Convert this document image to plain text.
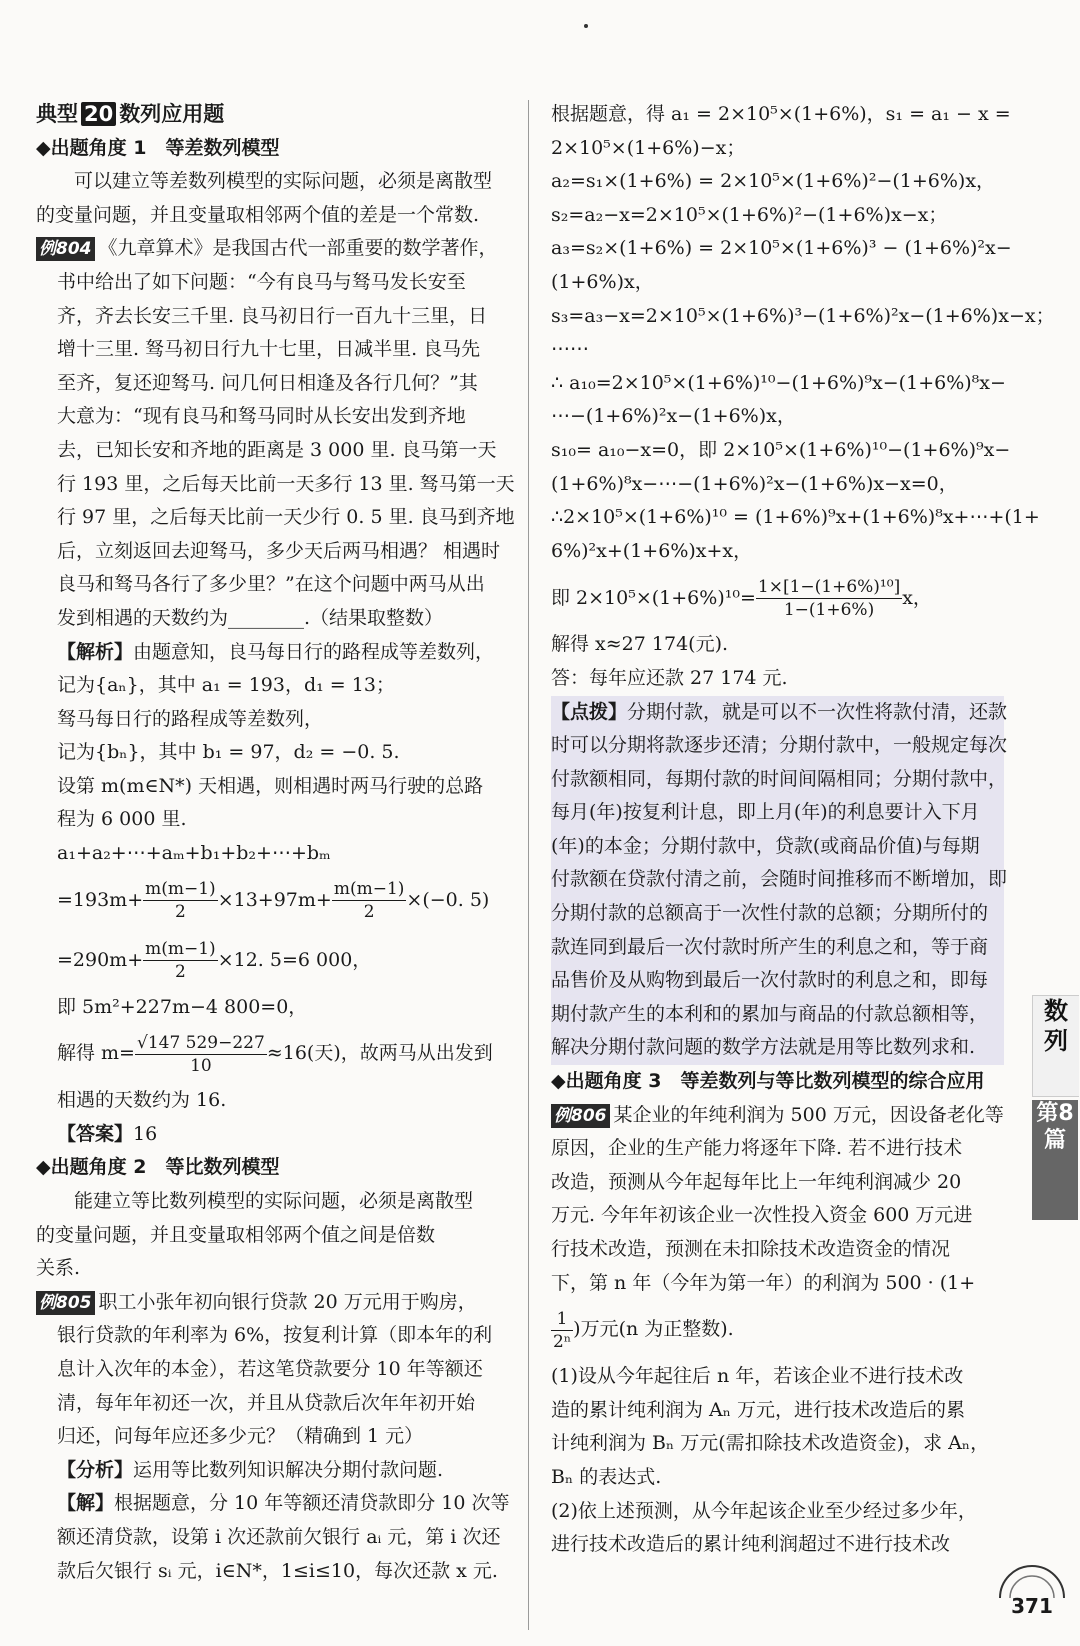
典型 20 数列应用题
◆出题角度 1　等差数列模型
可以建立等差数列模型的实际问题，必须是离散型
的变量问题，并且变量取相邻两个值的差是一个常数.
例804 《九章算术》是我国古代一部重要的数学著作，
书中给出了如下问题：“今有良马与驽马发长安至
齐，齐去长安三千里. 良马初日行一百九十三里，日
增十三里. 驽马初日行九十七里，日减半里. 良马先
至齐，复还迎驽马. 问几何日相逢及各行几何？”其
大意为：“现有良马和驽马同时从长安出发到齐地
去，已知长安和齐地的距离是 3 000 里. 良马第一天
行 193 里，之后每天比前一天多行 13 里. 驽马第一天
行 97 里，之后每天比前一天少行 0. 5 里. 良马到齐地
后，立刻返回去迎驽马，多少天后两马相遇？ 相遇时
良马和驽马各行了多少里？”在这个问题中两马从出
发到相遇的天数约为________.（结果取整数）
【解析】由题意知，良马每日行的路程成等差数列，
记为{aₙ}，其中 a₁ = 193，d₁ = 13；
驽马每日行的路程成等差数列，
记为{bₙ}，其中 b₁ = 97，d₂ = −0. 5.
设第 m(m∈N*) 天相遇，则相遇时两马行驶的总路
程为 6 000 里.
a₁+a₂+⋯+aₘ+b₁+b₂+⋯+bₘ
$=193m+ \frac{m(m-1)}{2} \times 13+97m+ \frac{m(m-1)}{2} \times(-0$. 5)
$=290m+ \frac{m(m-1)}{2} \times 12$. 5=6 000，
即 5m²+227m−4 800=0，
解得 $m= \frac{√147 529-227}{10} \approx 16$(天)，故两马从出发到
相遇的天数约为 16.
【答案】16
◆出题角度 2　等比数列模型
能建立等比数列模型的实际问题，必须是离散型
的变量问题，并且变量取相邻两个值之间是倍数
关系.
例805 职工小张年初向银行贷款 20 万元用于购房，
银行贷款的年利率为 6%，按复利计算（即本年的利
息计入次年的本金），若这笔贷款要分 10 年等额还
清，每年年初还一次，并且从贷款后次年年初开始
归还，问每年应还多少元？（精确到 1 元）
【分析】运用等比数列知识解决分期付款问题.
【解】根据题意，分 10 年等额还清贷款即分 10 次等
额还清贷款，设第 i 次还款前欠银行 aᵢ 元，第 i 次还
款后欠银行 sᵢ 元，i∈N*，1≤i≤10，每次还款 x 元.
根据题意，得 a₁ = 2×10⁵×(1+6%)，s₁ = a₁ − x =
2×10⁵×(1+6%)−x；
a₂=s₁×(1+6%) = 2×10⁵×(1+6%)²−(1+6%)x，
s₂=a₂−x=2×10⁵×(1+6%)²−(1+6%)x−x；
a₃=s₂×(1+6%) = 2×10⁵×(1+6%)³ − (1+6%)²x−
(1+6%)x，
s₃=a₃−x=2×10⁵×(1+6%)³−(1+6%)²x−(1+6%)x−x；
⋯⋯
∴ a₁₀=2×10⁵×(1+6%)¹⁰−(1+6%)⁹x−(1+6%)⁸x−
⋯−(1+6%)²x−(1+6%)x，
s₁₀= a₁₀−x=0，即 2×10⁵×(1+6%)¹⁰−(1+6%)⁹x−
(1+6%)⁸x−⋯−(1+6%)²x−(1+6%)x−x=0，
∴2×10⁵×(1+6%)¹⁰ = (1+6%)⁹x+(1+6%)⁸x+⋯+(1+
6%)²x+(1+6%)x+x，
即 $2\times 10^5\times(1+6\%)^{10}= \frac{\text{1×[1−(1+6\%)¹⁰]}}{1-(1+6\%)}$ x，
解得 x≈27 174(元).
答：每年应还款 27 174 元.
【点拨】分期付款，就是可以不一次性将款付清，还款
时可以分期将款逐步还清；分期付款中，一般规定每次
付款额相同，每期付款的时间间隔相同；分期付款中，
每月(年)按复利计息，即上月(年)的利息要计入下月
(年)的本金；分期付款中，贷款(或商品价值)与每期
付款额在贷款付清之前，会随时间推移而不断增加，即
分期付款的总额高于一次性付款的总额；分期所付的
款连同到最后一次付款时所产生的利息之和，等于商
品售价及从购物到最后一次付款时的利息之和，即每
期付款产生的本利和的累加与商品的付款总额相等，
解决分期付款问题的数学方法就是用等比数列求和.
◆出题角度 3　等差数列与等比数列模型的综合应用
例806 某企业的年纯利润为 500 万元，因设备老化等
原因，企业的生产能力将逐年下降. 若不进行技术
改造，预测从今年起每年比上一年纯利润减少 20
万元. 今年年初该企业一次性投入资金 600 万元进
行技术改造，预测在未扣除技术改造资金的情况
下，第 n 年（今年为第一年）的利润为 500 · (1+
$\frac{1}{\text{2ⁿ}}$ )万元(n 为正整数).
(1)设从今年起往后 n 年，若该企业不进行技术改
造的累计纯利润为 Aₙ 万元，进行技术改造后的累
计纯利润为 Bₙ 万元(需扣除技术改造资金)，求 Aₙ，
Bₙ 的表达式.
(2)依上述预测，从今年起该企业至少经过多少年，
进行技术改造后的累计纯利润超过不进行技术改
数列
第8篇
371
